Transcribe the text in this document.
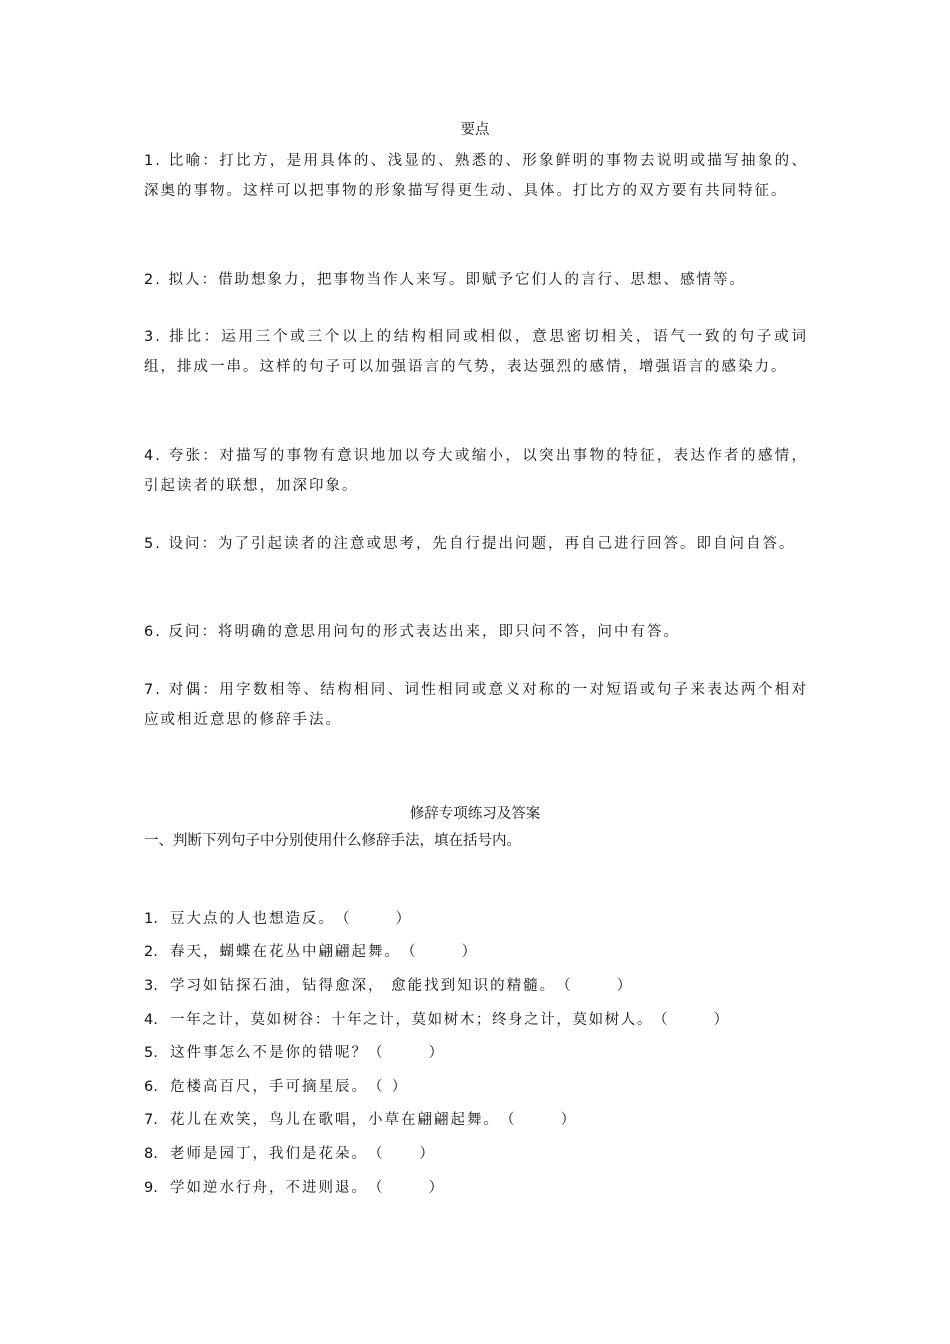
要点
1. 比喻：打比方，是用具体的、浅显的、熟悉的、形象鲜明的事物去说明或描写抽象的、深奥的事物。这样可以把事物的形象描写得更生动、具体。打比方的双方要有共同特征。
2. 拟人：借助想象力，把事物当作人来写。即赋予它们人的言行、思想、感情等。
3. 排比：运用三个或三个以上的结构相同或相似，意思密切相关，语气一致的句子或词组，排成一串。这样的句子可以加强语言的气势，表达强烈的感情，增强语言的感染力。
4. 夸张：对描写的事物有意识地加以夸大或缩小，以突出事物的特征，表达作者的感情，引起读者的联想，加深印象。
5. 设问：为了引起读者的注意或思考，先自行提出问题，再自己进行回答。即自问自答。
6. 反问：将明确的意思用问句的形式表达出来，即只问不答，问中有答。
7. 对偶：用字数相等、结构相同、词性相同或意义对称的一对短语或句子来表达两个相对应或相近意思的修辞手法。
修辞专项练习及答案
一、判断下列句子中分别使用什么修辞手法，填在括号内。
1. 豆大点的人也想造反。（          ）
2. 春天，蝴蝶在花丛中翩翩起舞。（          ）
3. 学习如钻探石油，钻得愈深， 愈能找到知识的精髓。（          ）
4. 一年之计，莫如树谷：十年之计，莫如树木；终身之计，莫如树人。（          ）
5. 这件事怎么不是你的错呢？（          ）
6. 危楼高百尺，手可摘星辰。（  ）
7. 花儿在欢笑，鸟儿在歌唱，小草在翩翩起舞。（          ）
8. 老师是园丁，我们是花朵。（        ）
9. 学如逆水行舟，不进则退。（          ）
